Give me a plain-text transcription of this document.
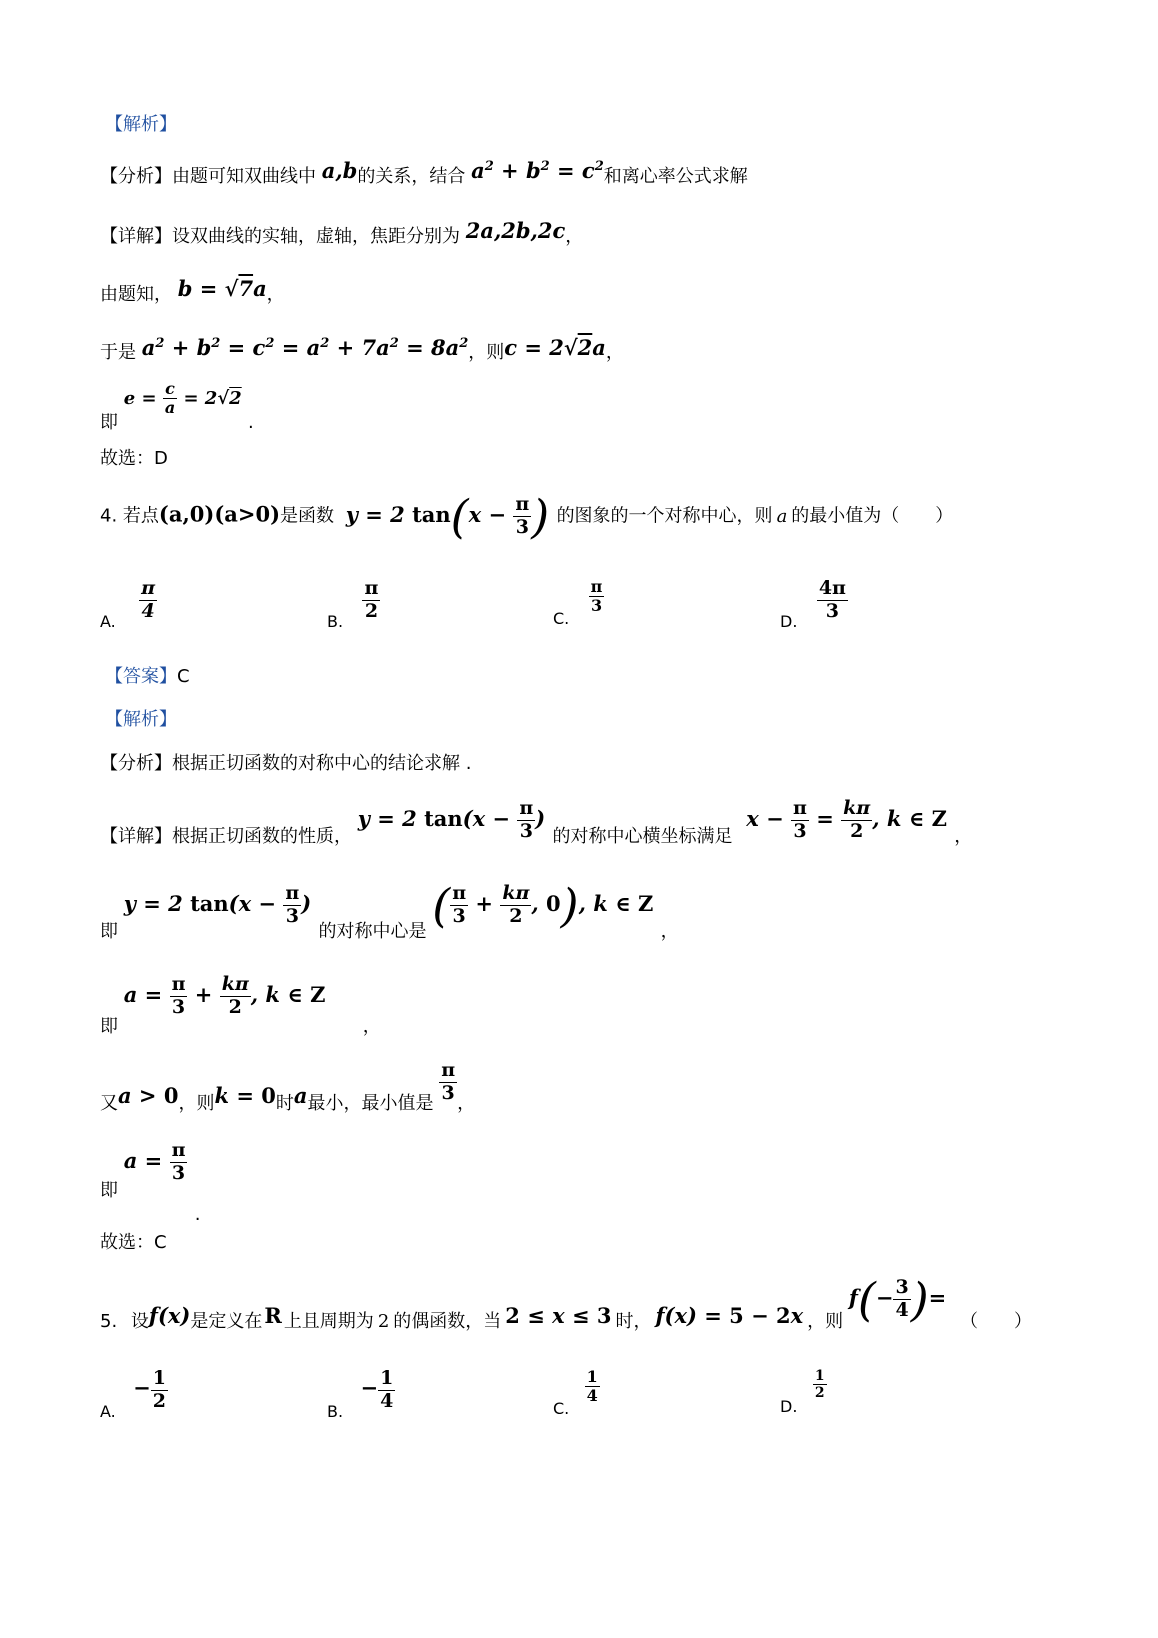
【解析】
【分析】由题可知双曲线中 a,b的关系，结合 $a^2 + b^2 = c^2$和离心率公式求解
【详解】设双曲线的实轴，虚轴，焦距分别为 2a,2b,2c，
由题知， b = √7a，
于是 $a^2 + b^2 = c^2 = a^2 + 7a^2 = 8a^2$，则c = 2√2a，
即 $e = \frac{c}{a} = 2√2$ .
故选：D
4. 若点(a,0)(a>0)是函数 y = 2 $\tan(x - \frac{\pi}{3}$ ) 的图象的一个对称中心，则 a 的最小值为（　　）
A. $\frac{\pi}{4}$	B. $\frac{\pi}{2}$	C.
$\frac{\pi}{3}$
D. $\frac{4\pi}{3}$
【答案】C
【解析】
【分析】根据正切函数的对称中心的结论求解 .
【详解】根据正切函数的性质， y = 2 $\tan(x - \frac{\pi}{3}$ ) 的对称中心横坐标满足 $x - \frac{\pi}{3} = \frac{k\pi}{2}$ , k ∈ Z ，
即 y = 2 $\tan(x - \frac{\pi}{3}$ ) 的对称中心是 ( $\frac{\pi}{3} + \frac{k\pi}{2}$ , 0), k ∈ Z ，
即 $a = \frac{\pi}{3} + \frac{k\pi}{2}$ , k ∈ Z ，
又a > 0，则k = 0时a最小，最小值是 $\frac{\pi}{3}$ ，
即 $a = \frac{\pi}{3}$
.
故选：C
5. 设f(x)是定义在R 上且周期为 2 的偶函数，当 2 ≤ x ≤ 3 时， f(x) = 5 − 2x ，则 $f(- \frac{3}{4}$ )= （　　）
A. − $\frac{1}{2}$	B. − $\frac{1}{4}$	C.
$\frac{1}{4}$
D.
$\frac{1}{2}$
